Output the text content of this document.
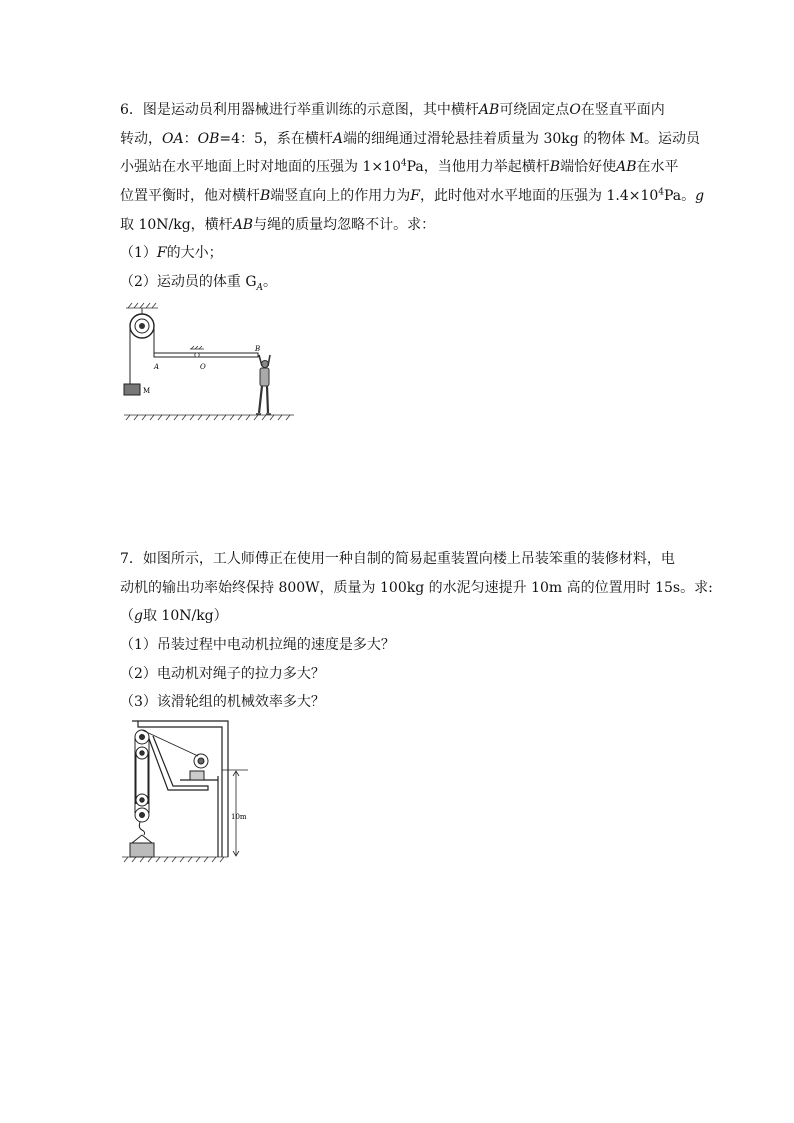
6．图是运动员利用器械进行举重训练的示意图，其中横杆AB可绕固定点O在竖直平面内
转动，OA：OB=4：5，系在横杆A端的细绳通过滑轮悬挂着质量为 30kg 的物体 M。运动员
小强站在水平地面上时对地面的压强为 $1\times 10^4Pa$，当他用力举起横杆B端恰好使AB在水平
位置平衡时，他对横杆B端竖直向上的作用力为F，此时他对水平地面的压强为 $1.4\times 10^4Pa$。g
取 10N/kg，横杆AB与绳的质量均忽略不计。求：
（1）F的大小；
（2）运动员的体重 $G_A$。
M
A	O
B
7．如图所示，工人师傅正在使用一种自制的简易起重装置向楼上吊装笨重的装修材料，电
动机的输出功率始终保持 800W，质量为 100kg 的水泥匀速提升 10m 高的位置用时 15s。求:
（g取 10N/kg）
（1）吊装过程中电动机拉绳的速度是多大？
（2）电动机对绳子的拉力多大？
（3）该滑轮组的机械效率多大？
10m
